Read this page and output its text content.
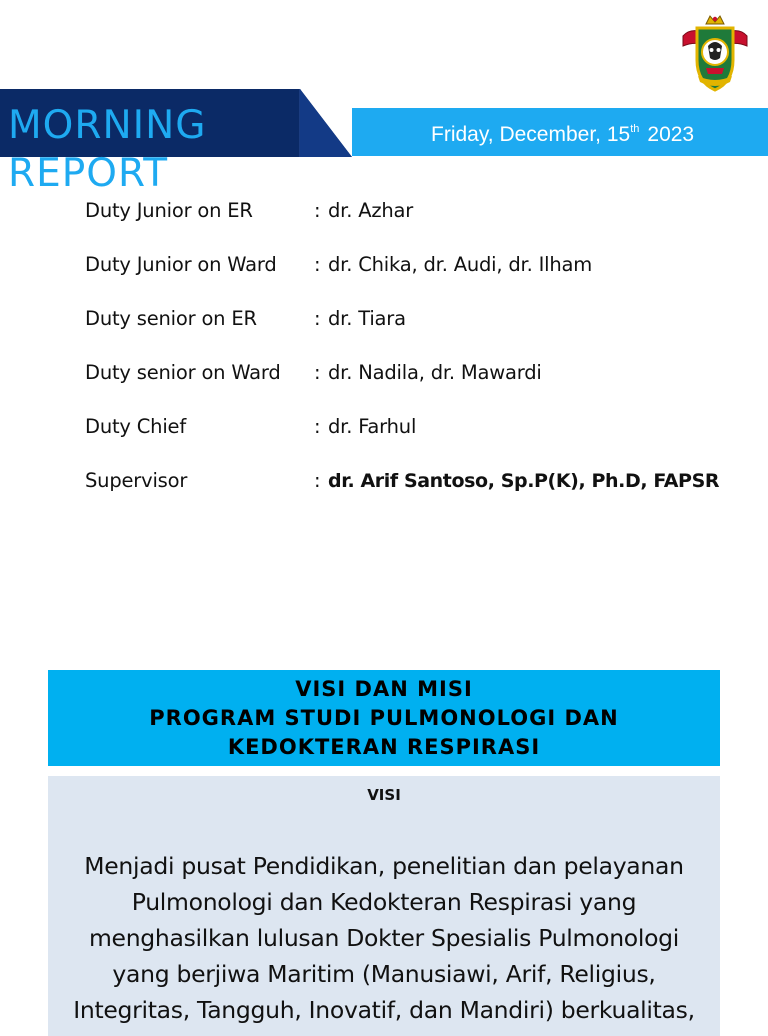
MORNING
REPORT
Friday, December, 15th 2023
Duty Junior on ER	: dr. Azhar
Duty Junior on Ward : dr. Chika, dr. Audi, dr. Ilham
Duty senior on ER	: dr. Tiara
Duty senior on Ward : dr. Nadila, dr. Mawardi
Duty Chief	: dr. Farhul
Supervisor	: dr. Arif Santoso, Sp.P(K), Ph.D, FAPSR
VISI DAN MISI
PROGRAM STUDI PULMONOLOGI DAN
KEDOKTERAN RESPIRASI
VISI
Menjadi pusat Pendidikan, penelitian dan pelayanan
Pulmonologi dan Kedokteran Respirasi yang
menghasilkan lulusan Dokter Spesialis Pulmonologi
yang berjiwa Maritim (Manusiawi, Arif, Religius,
Integritas, Tangguh, Inovatif, dan Mandiri) berkualitas,
